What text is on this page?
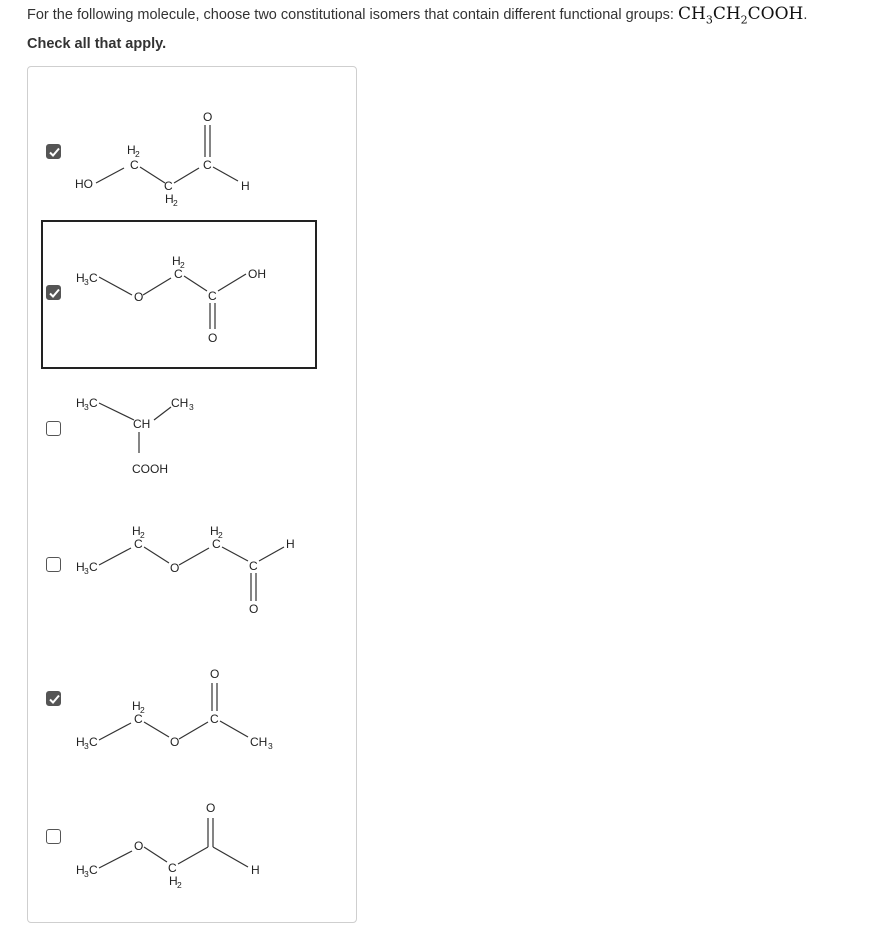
For the following molecule, choose two constitutional isomers that contain different functional groups: $CH_3CH_2COOH$.
Check all that apply.
HO
H 2
C
C
H 2
C
O
H
H 3 C
O
H 2
C
C
O
OH
H 3 C
CH
CH 3
COOH
H 3 C
H 2
C
O
H 2
C
C
O
H
H 3 C
H 2
C
O
C
O
CH 3
H 3 C
O
C
H 2
O
H
